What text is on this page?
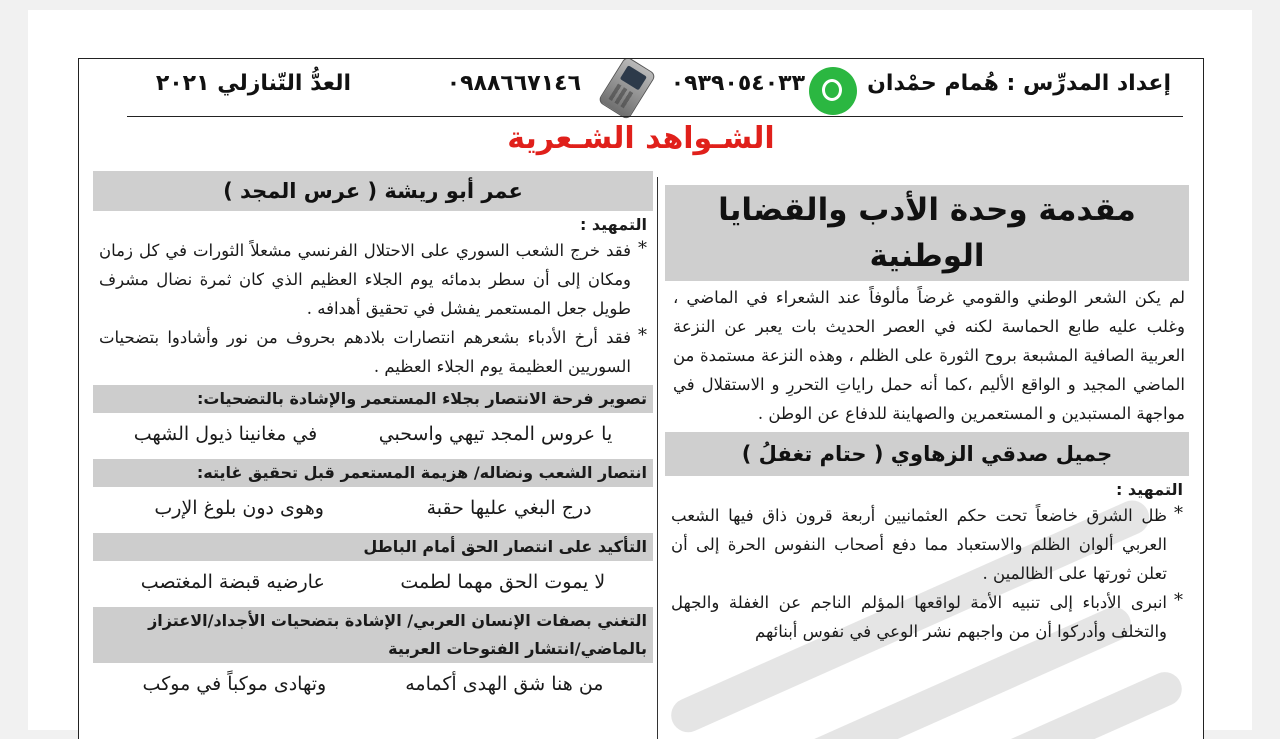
إعداد المدرِّس : هُمام حمْدان
٠٩٣٩٠٥٤٠٣٣
٠٩٨٨٦٦٧١٤٦
العدُّ التّنازلي ٢٠٢١
الشـواهد الشـعرية
مقدمة وحدة الأدب والقضايا الوطنية
لم يكن الشعر الوطني والقومي غرضاً مألوفاً عند الشعراء في الماضي ، وغلب عليه طابع الحماسة لكنه في العصر الحديث بات يعبر عن النزعة العربية الصافية المشبعة بروح الثورة على الظلم ، وهذه النزعة مستمدة من الماضي المجيد و الواقع الأليم ،كما أنه حمل راياتِ التحررِ و الاستقلال في مواجهة المستبدين و المستعمرين والصهاينة للدفاع عن الوطن .
جميل صدقي الزهاوي ( حتام تغفلُ )
التمهيد :
* ظل الشرق خاضعاً تحت حكم العثمانيين أربعة قرون ذاق فيها الشعب العربي ألوان الظلم والاستعباد مما دفع أصحاب النفوس الحرة إلى أن تعلن ثورتها على الظالمين .
* انبرى الأدباء إلى تنبيه الأمة لواقعها المؤلم الناجم عن الغفلة والجهل والتخلف وأدركوا أن من واجبهم نشر الوعي في نفوس أبنائهم
عمر أبو ريشة ( عرس المجد )
التمهيد :
* فقد خرج الشعب السوري على الاحتلال الفرنسي مشعلاً الثورات في كل زمان ومكان إلى أن سطر بدمائه يوم الجلاء العظيم الذي كان ثمرة نضال مشرف طويل جعل المستعمر يفشل في تحقيق أهدافه .
* فقد أرخ الأدباء بشعرهم انتصارات بلادهم بحروف من نور وأشادوا بتضحيات السوريين العظيمة يوم الجلاء العظيم .
تصوير فرحة الانتصار بجلاء المستعمر والإشادة بالتضحيات:
يا عروس المجد تيهي واسحبي
في مغانينا ذيول الشهب
انتصار الشعب ونضاله/ هزيمة المستعمر قبل تحقيق غايته:
درج البغي عليها حقبة
وهوى دون بلوغ الإرب
التأكيد على انتصار الحق أمام الباطل
لا يموت الحق مهما لطمت
عارضيه قبضة المغتصب
التغني بصفات الإنسان العربي/ الإشادة بتضحيات الأجداد/الاعتزاز بالماضي/انتشار الفتوحات العربية
من هنا شق الهدى أكمامه
وتهادى موكباً في موكب
